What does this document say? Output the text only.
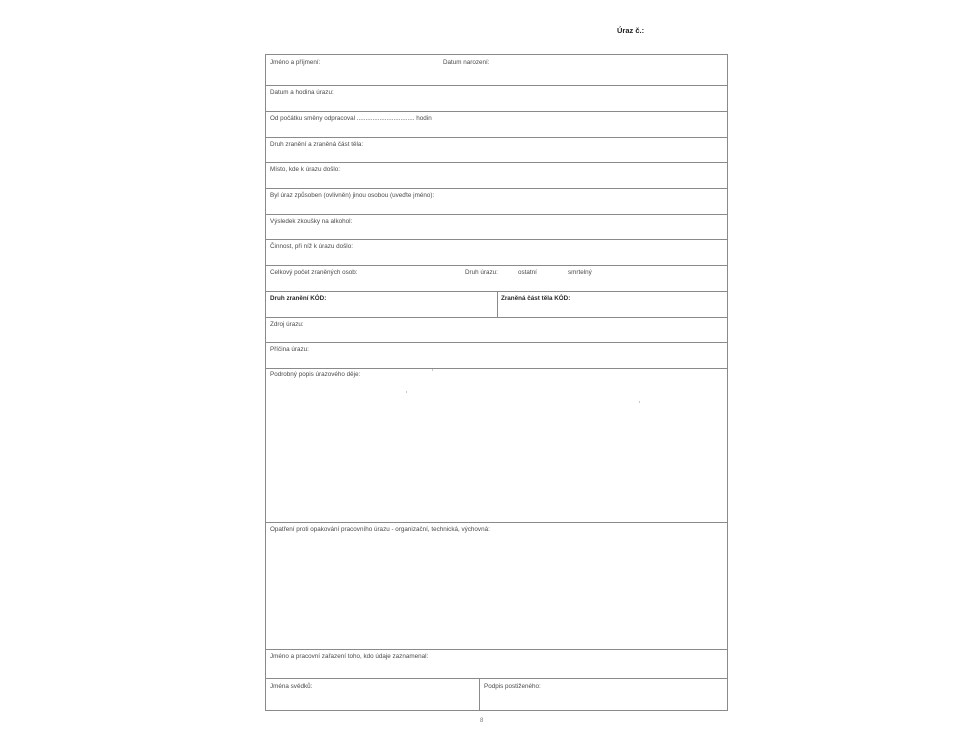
Úraz č.:
Jméno a příjmení:	Datum narození:
Datum a hodina úrazu:
Od počátku směny odpracoval ................................. hodin
Druh zranění a zraněná část těla:
Místo, kde k úrazu došlo:
Byl úraz způsoben (ovlivněn) jinou osobou (uveďte jméno):
Výsledek zkoušky na alkohol:
Činnost, při níž k úrazu došlo:
Celkový počet zraněných osob:	Druh úrazu:	ostatní	smrtelný
Druh zranění KÓD:	Zraněná část těla KÓD:
Zdroj úrazu:
Příčina úrazu:
Podrobný popis úrazového děje:
Opatření proti opakování pracovního úrazu - organizační, technická, výchovná:
Jméno a pracovní zařazení toho, kdo údaje zaznamenal:
Jména svědků:	Podpis postiženého:
8
